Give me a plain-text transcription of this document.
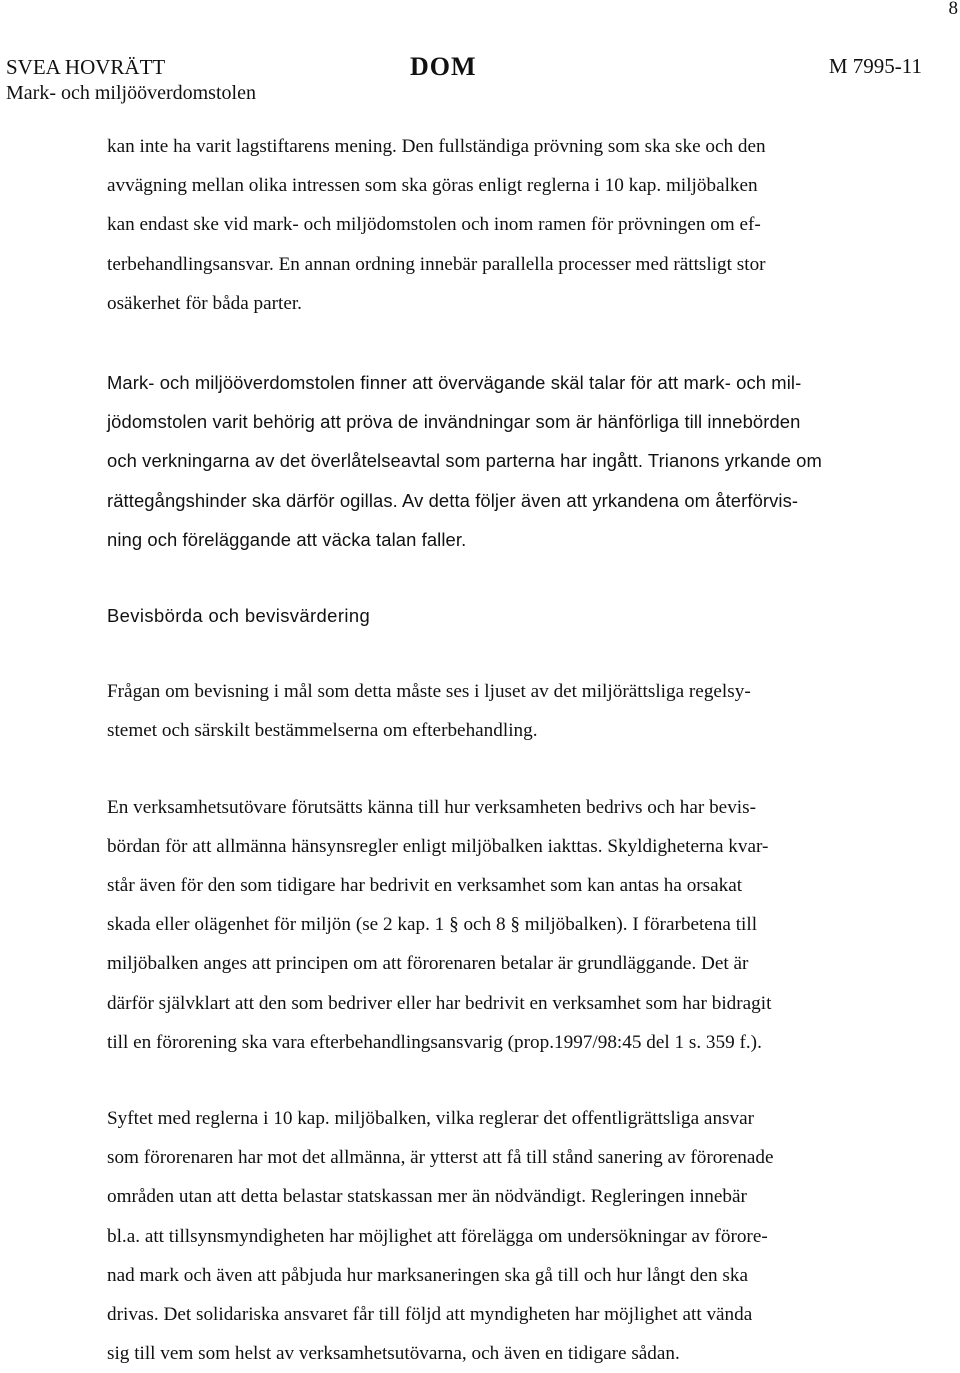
8
SVEA HOVRÄTT
Mark- och miljööverdomstolen
DOM	M 7995-11

kan inte ha varit lagstiftarens mening. Den fullständiga prövning som ska ske och den
avvägning mellan olika intressen som ska göras enligt reglerna i 10 kap. miljöbalken
kan endast ske vid mark- och miljödomstolen och inom ramen för prövningen om ef-
terbehandlingsansvar. En annan ordning innebär parallella processer med rättsligt stor
osäkerhet för båda parter.

Mark- och miljööverdomstolen finner att övervägande skäl talar för att mark- och mil-
jödomstolen varit behörig att pröva de invändningar som är hänförliga till innebörden
och verkningarna av det överlåtelseavtal som parterna har ingått. Trianons yrkande om
rättegångshinder ska därför ogillas. Av detta följer även att yrkandena om återförvis-
ning och föreläggande att väcka talan faller.

Bevisbörda och bevisvärdering

Frågan om bevisning i mål som detta måste ses i ljuset av det miljörättsliga regelsy-
stemet och särskilt bestämmelserna om efterbehandling.

En verksamhetsutövare förutsätts känna till hur verksamheten bedrivs och har bevis-
bördan för att allmänna hänsynsregler enligt miljöbalken iakttas. Skyldigheterna kvar-
står även för den som tidigare har bedrivit en verksamhet som kan antas ha orsakat
skada eller olägenhet för miljön (se 2 kap. 1 § och 8 § miljöbalken). I förarbetena till
miljöbalken anges att principen om att förorenaren betalar är grundläggande. Det är
därför självklart att den som bedriver eller har bedrivit en verksamhet som har bidragit
till en förorening ska vara efterbehandlingsansvarig (prop.1997/98:45 del 1 s. 359 f.).

Syftet med reglerna i 10 kap. miljöbalken, vilka reglerar det offentligrättsliga ansvar
som förorenaren har mot det allmänna, är ytterst att få till stånd sanering av förorenade
områden utan att detta belastar statskassan mer än nödvändigt. Regleringen innebär
bl.a. att tillsynsmyndigheten har möjlighet att förelägga om undersökningar av förore-
nad mark och även att påbjuda hur marksaneringen ska gå till och hur långt den ska
drivas. Det solidariska ansvaret får till följd att myndigheten har möjlighet att vända
sig till vem som helst av verksamhetsutövarna, och även en tidigare sådan.
